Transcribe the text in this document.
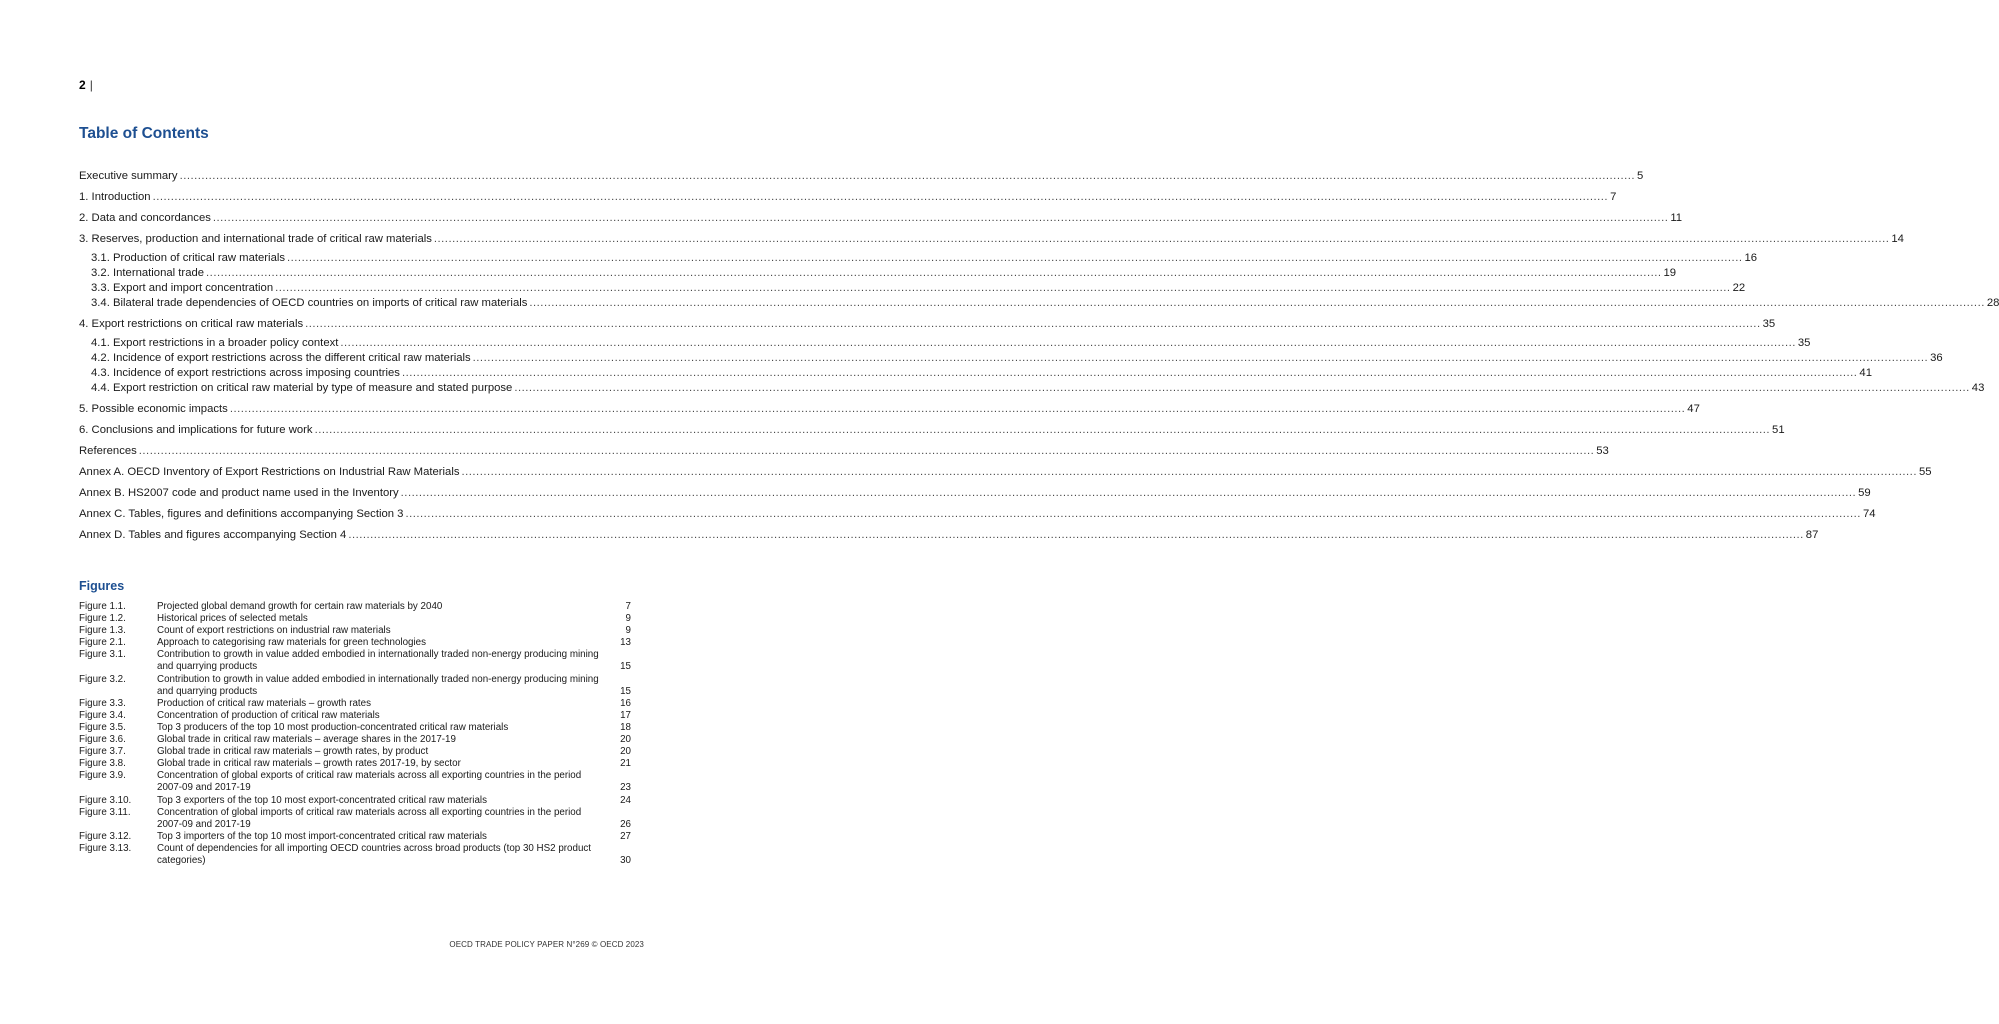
2 |
Table of Contents
Executive summary ................................................................................................................................................................................................................................................................................................................................................................................................................ 5
1. Introduction ................................................................................................................................................................................................................................................................................................................................................................................................................ 7
2. Data and concordances ................................................................................................................................................................................................................................................................................................................................................................................................................ 11
3. Reserves, production and international trade of critical raw materials ................................................................................................................................................................................................................................................................................................................................................................................................................ 14
3.1. Production of critical raw materials ................................................................................................................................................................................................................................................................................................................................................................................................................ 16
3.2. International trade ................................................................................................................................................................................................................................................................................................................................................................................................................ 19
3.3. Export and import concentration ................................................................................................................................................................................................................................................................................................................................................................................................................ 22
3.4. Bilateral trade dependencies of OECD countries on imports of critical raw materials ................................................................................................................................................................................................................................................................................................................................................................................................................ 28
4. Export restrictions on critical raw materials ................................................................................................................................................................................................................................................................................................................................................................................................................ 35
4.1. Export restrictions in a broader policy context ................................................................................................................................................................................................................................................................................................................................................................................................................ 35
4.2. Incidence of export restrictions across the different critical raw materials ................................................................................................................................................................................................................................................................................................................................................................................................................ 36
4.3. Incidence of export restrictions across imposing countries ................................................................................................................................................................................................................................................................................................................................................................................................................ 41
4.4. Export restriction on critical raw material by type of measure and stated purpose ................................................................................................................................................................................................................................................................................................................................................................................................................ 43
5. Possible economic impacts ................................................................................................................................................................................................................................................................................................................................................................................................................ 47
6. Conclusions and implications for future work ................................................................................................................................................................................................................................................................................................................................................................................................................ 51
References ................................................................................................................................................................................................................................................................................................................................................................................................................ 53
Annex A. OECD Inventory of Export Restrictions on Industrial Raw Materials ................................................................................................................................................................................................................................................................................................................................................................................................................ 55
Annex B. HS2007 code and product name used in the Inventory ................................................................................................................................................................................................................................................................................................................................................................................................................ 59
Annex C. Tables, figures and definitions accompanying Section 3 ................................................................................................................................................................................................................................................................................................................................................................................................................ 74
Annex D. Tables and figures accompanying Section 4 ................................................................................................................................................................................................................................................................................................................................................................................................................ 87
Figures
Figure 1.1.	Projected global demand growth for certain raw materials by 2040	7
Figure 1.2.	Historical prices of selected metals	9
Figure 1.3.	Count of export restrictions on industrial raw materials	9
Figure 2.1.	Approach to categorising raw materials for green technologies	13
Figure 3.1.	Contribution to growth in value added embodied in internationally traded non-energy producing mining and quarrying products	15
Figure 3.2.	Contribution to growth in value added embodied in internationally traded non-energy producing mining and quarrying products	15
Figure 3.3.	Production of critical raw materials – growth rates	16
Figure 3.4.	Concentration of production of critical raw materials	17
Figure 3.5.	Top 3 producers of the top 10 most production-concentrated critical raw materials	18
Figure 3.6.	Global trade in critical raw materials – average shares in the 2017-19	20
Figure 3.7.	Global trade in critical raw materials – growth rates, by product	20
Figure 3.8.	Global trade in critical raw materials – growth rates 2017-19, by sector	21
Figure 3.9.	Concentration of global exports of critical raw materials across all exporting countries in the period 2007-09 and 2017-19	23
Figure 3.10.	Top 3 exporters of the top 10 most export-concentrated critical raw materials	24
Figure 3.11.	Concentration of global imports of critical raw materials across all exporting countries in the period 2007-09 and 2017-19	26
Figure 3.12.	Top 3 importers of the top 10 most import-concentrated critical raw materials	27
Figure 3.13.	Count of dependencies for all importing OECD countries across broad products (top 30 HS2 product categories)	30
OECD TRADE POLICY PAPER N°269 © OECD 2023
